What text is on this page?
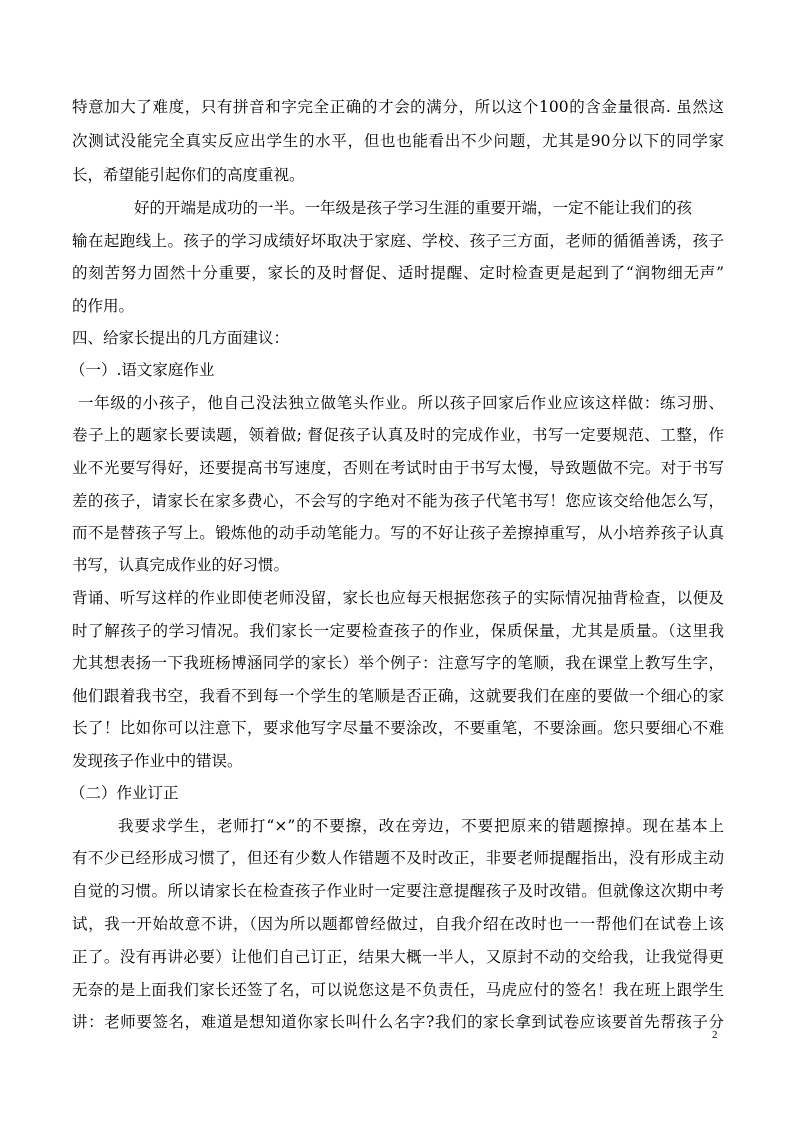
特意加大了难度，只有拼音和字完全正确的才会的满分，所以这个100的含金量很高. 虽然这
次测试没能完全真实反应出学生的水平，但也也能看出不少问题，尤其是90分以下的同学家
长，希望能引起你们的高度重视。
好的开端是成功的一半。一年级是孩子学习生涯的重要开端，一定不能让我们的孩
输在起跑线上。孩子的学习成绩好坏取决于家庭、学校、孩子三方面，老师的循循善诱，孩子
的刻苦努力固然十分重要，家长的及时督促、适时提醒、定时检查更是起到了“润物细无声”
的作用。
四、给家长提出的几方面建议：
（一）.语文家庭作业
一年级的小孩子，他自己没法独立做笔头作业。所以孩子回家后作业应该这样做：练习册、
卷子上的题家长要读题，领着做; 督促孩子认真及时的完成作业，书写一定要规范、工整，作
业不光要写得好，还要提高书写速度，否则在考试时由于书写太慢，导致题做不完。对于书写
差的孩子，请家长在家多费心，不会写的字绝对不能为孩子代笔书写！您应该交给他怎么写，
而不是替孩子写上。锻炼他的动手动笔能力。写的不好让孩子差擦掉重写，从小培养孩子认真
书写，认真完成作业的好习惯。
背诵、听写这样的作业即使老师没留，家长也应每天根据您孩子的实际情况抽背检查，以便及
时了解孩子的学习情况。我们家长一定要检查孩子的作业，保质保量，尤其是质量。（这里我
尤其想表扬一下我班杨博涵同学的家长）举个例子：注意写字的笔顺，我在课堂上教写生字，
他们跟着我书空，我看不到每一个学生的笔顺是否正确，这就要我们在座的要做一个细心的家
长了！比如你可以注意下，要求他写字尽量不要涂改，不要重笔，不要涂画。您只要细心不难
发现孩子作业中的错误。
（二）作业订正
我要求学生，老师打“×”的不要擦，改在旁边，不要把原来的错题擦掉。现在基本上
有不少已经形成习惯了，但还有少数人作错题不及时改正，非要老师提醒指出，没有形成主动
自觉的习惯。所以请家长在检查孩子作业时一定要注意提醒孩子及时改错。但就像这次期中考
试，我一开始故意不讲，（因为所以题都曾经做过，自我介绍在改时也一一帮他们在试卷上该
正了。没有再讲必要）让他们自己订正，结果大概一半人，又原封不动的交给我，让我觉得更
无奈的是上面我们家长还签了名，可以说您这是不负责任，马虎应付的签名！我在班上跟学生
讲：老师要签名，难道是想知道你家长叫什么名字?我们的家长拿到试卷应该要首先帮孩子分
2
